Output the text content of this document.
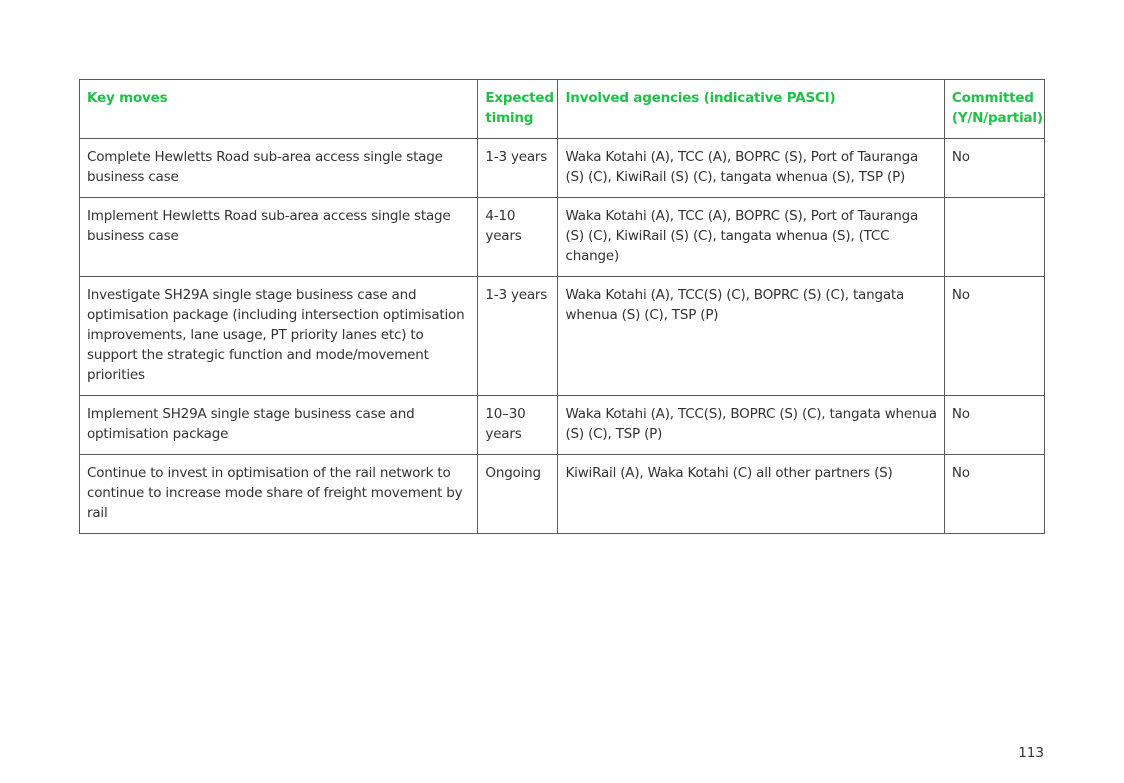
Key moves	Expected timing	Involved agencies (indicative PASCI)	Committed (Y/N/partial)
Complete Hewletts Road sub-area access single stage business case	1-3 years	Waka Kotahi (A), TCC (A), BOPRC (S), Port of Tauranga (S) (C), KiwiRail (S) (C), tangata whenua (S), TSP (P)	No
Implement Hewletts Road sub-area access single stage business case	4-10 years	Waka Kotahi (A), TCC (A), BOPRC (S), Port of Tauranga (S) (C), KiwiRail (S) (C), tangata whenua (S), (TCC change)	
Investigate SH29A single stage business case and optimisation package (including intersection optimisation improvements, lane usage, PT priority lanes etc) to support the strategic function and mode/movement priorities	1-3 years	Waka Kotahi (A), TCC(S) (C), BOPRC (S) (C), tangata whenua (S) (C), TSP (P)	No
Implement SH29A single stage business case and optimisation package	10–30 years	Waka Kotahi (A), TCC(S), BOPRC (S) (C), tangata whenua (S) (C), TSP (P)	No
Continue to invest in optimisation of the rail network to continue to increase mode share of freight movement by rail	Ongoing	KiwiRail (A), Waka Kotahi (C) all other partners (S)	No
113
